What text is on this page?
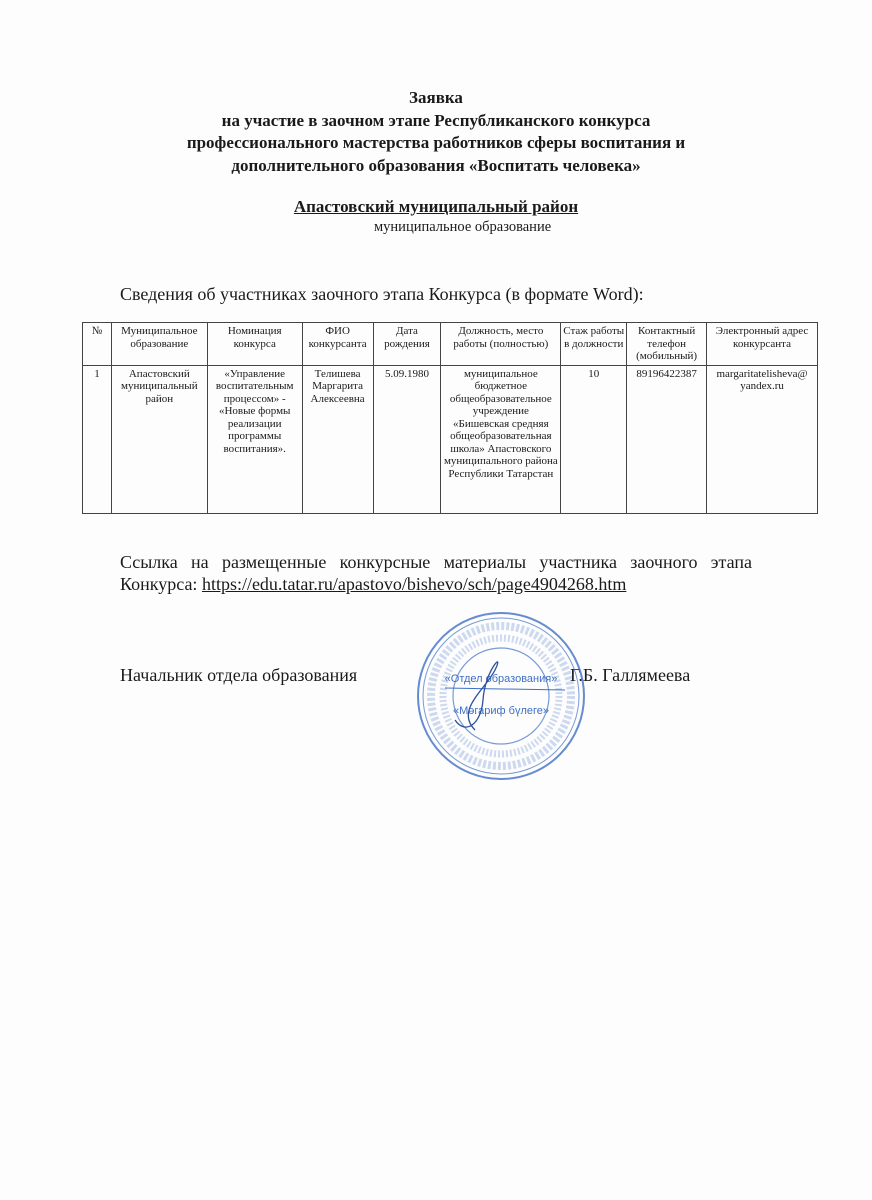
Заявка
на участие в заочном этапе Республиканского конкурса
профессионального мастерства работников сферы воспитания и
дополнительного образования «Воспитать человека»
Апастовский муниципальный район
муниципальное образование
Сведения об участниках заочного этапа Конкурса (в формате Word):
№	Муниципальное образование	Номинация конкурса	ФИО конкурсанта	Дата рождения	Должность, место работы (полностью)	Стаж работы в должности	Контактный телефон (мобильный)	Электронный адрес конкурсанта
1	Апастовский муниципальный район	«Управление воспитательным процессом» - «Новые формы реализации программы воспитания».	Телишева Маргарита Алексеевна	5.09.1980	муниципальное бюджетное общеобразовательное учреждение «Бишевская средняя общеобразовательная школа» Апастовского муниципального района Республики Татарстан	10	89196422387	margaritatelisheva@ yandex.ru
Ссылка на размещенные конкурсные материалы участника заочного этапа Конкурса: https://edu.tatar.ru/apastovo/bishevo/sch/page4904268.htm
Начальник отдела образования	Г.Б. Галлямеева
«Отдел образования»
«Мәгариф бүлеге»
